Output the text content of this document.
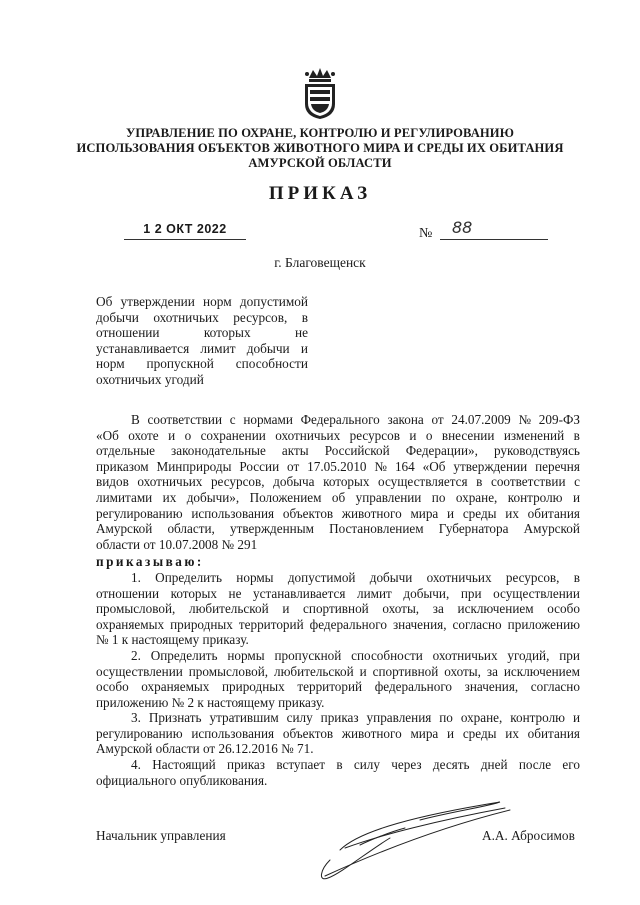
УПРАВЛЕНИЕ ПО ОХРАНЕ, КОНТРОЛЮ И РЕГУЛИРОВАНИЮ
ИСПОЛЬЗОВАНИЯ ОБЪЕКТОВ ЖИВОТНОГО МИРА И СРЕДЫ ИХ ОБИТАНИЯ
АМУРСКОЙ ОБЛАСТИ
ПРИКАЗ
1 2 ОКТ 2022	№ 88
г. Благовещенск
Об утверждении норм допустимой
добычи охотничьих ресурсов, в
отношении	которых	не
устанавливается лимит добычи и
норм пропускной способности
охотничьих угодий
В соответствии с нормами Федерального закона от 24.07.2009 № 209-ФЗ
«Об охоте и о сохранении охотничьих ресурсов и о внесении изменений в
отдельные законодательные акты Российской Федерации», руководствуясь
приказом Минприроды России от 17.05.2010 № 164 «Об утверждении перечня
видов охотничьих ресурсов, добыча которых осуществляется в соответствии с
лимитами их добычи», Положением об управлении по охране, контролю и
регулированию использования объектов животного мира и среды их обитания
Амурской области, утвержденным Постановлением Губернатора Амурской
области
от
10.07.2008
№
291
приказываю:
1. Определить нормы допустимой добычи охотничьих ресурсов, в
отношении которых не устанавливается лимит добычи, при осуществлении
промысловой, любительской и спортивной охоты, за исключением особо
охраняемых природных территорий федерального значения, согласно приложению
№
1
к
настоящему
приказу.
2. Определить нормы пропускной способности охотничьих угодий, при
осуществлении промысловой, любительской и спортивной охоты, за исключением
особо охраняемых природных территорий федерального значения, согласно
приложению
№
2
к
настоящему
приказу.
3. Признать утратившим силу приказ управления по охране, контролю и
регулированию использования объектов животного мира и среды их обитания
Амурской
области
от
26.12.2016
№
71.
4. Настоящий приказ вступает в силу через десять дней после его
официального
опубликования.
Начальник управления	А.А. Абросимов
